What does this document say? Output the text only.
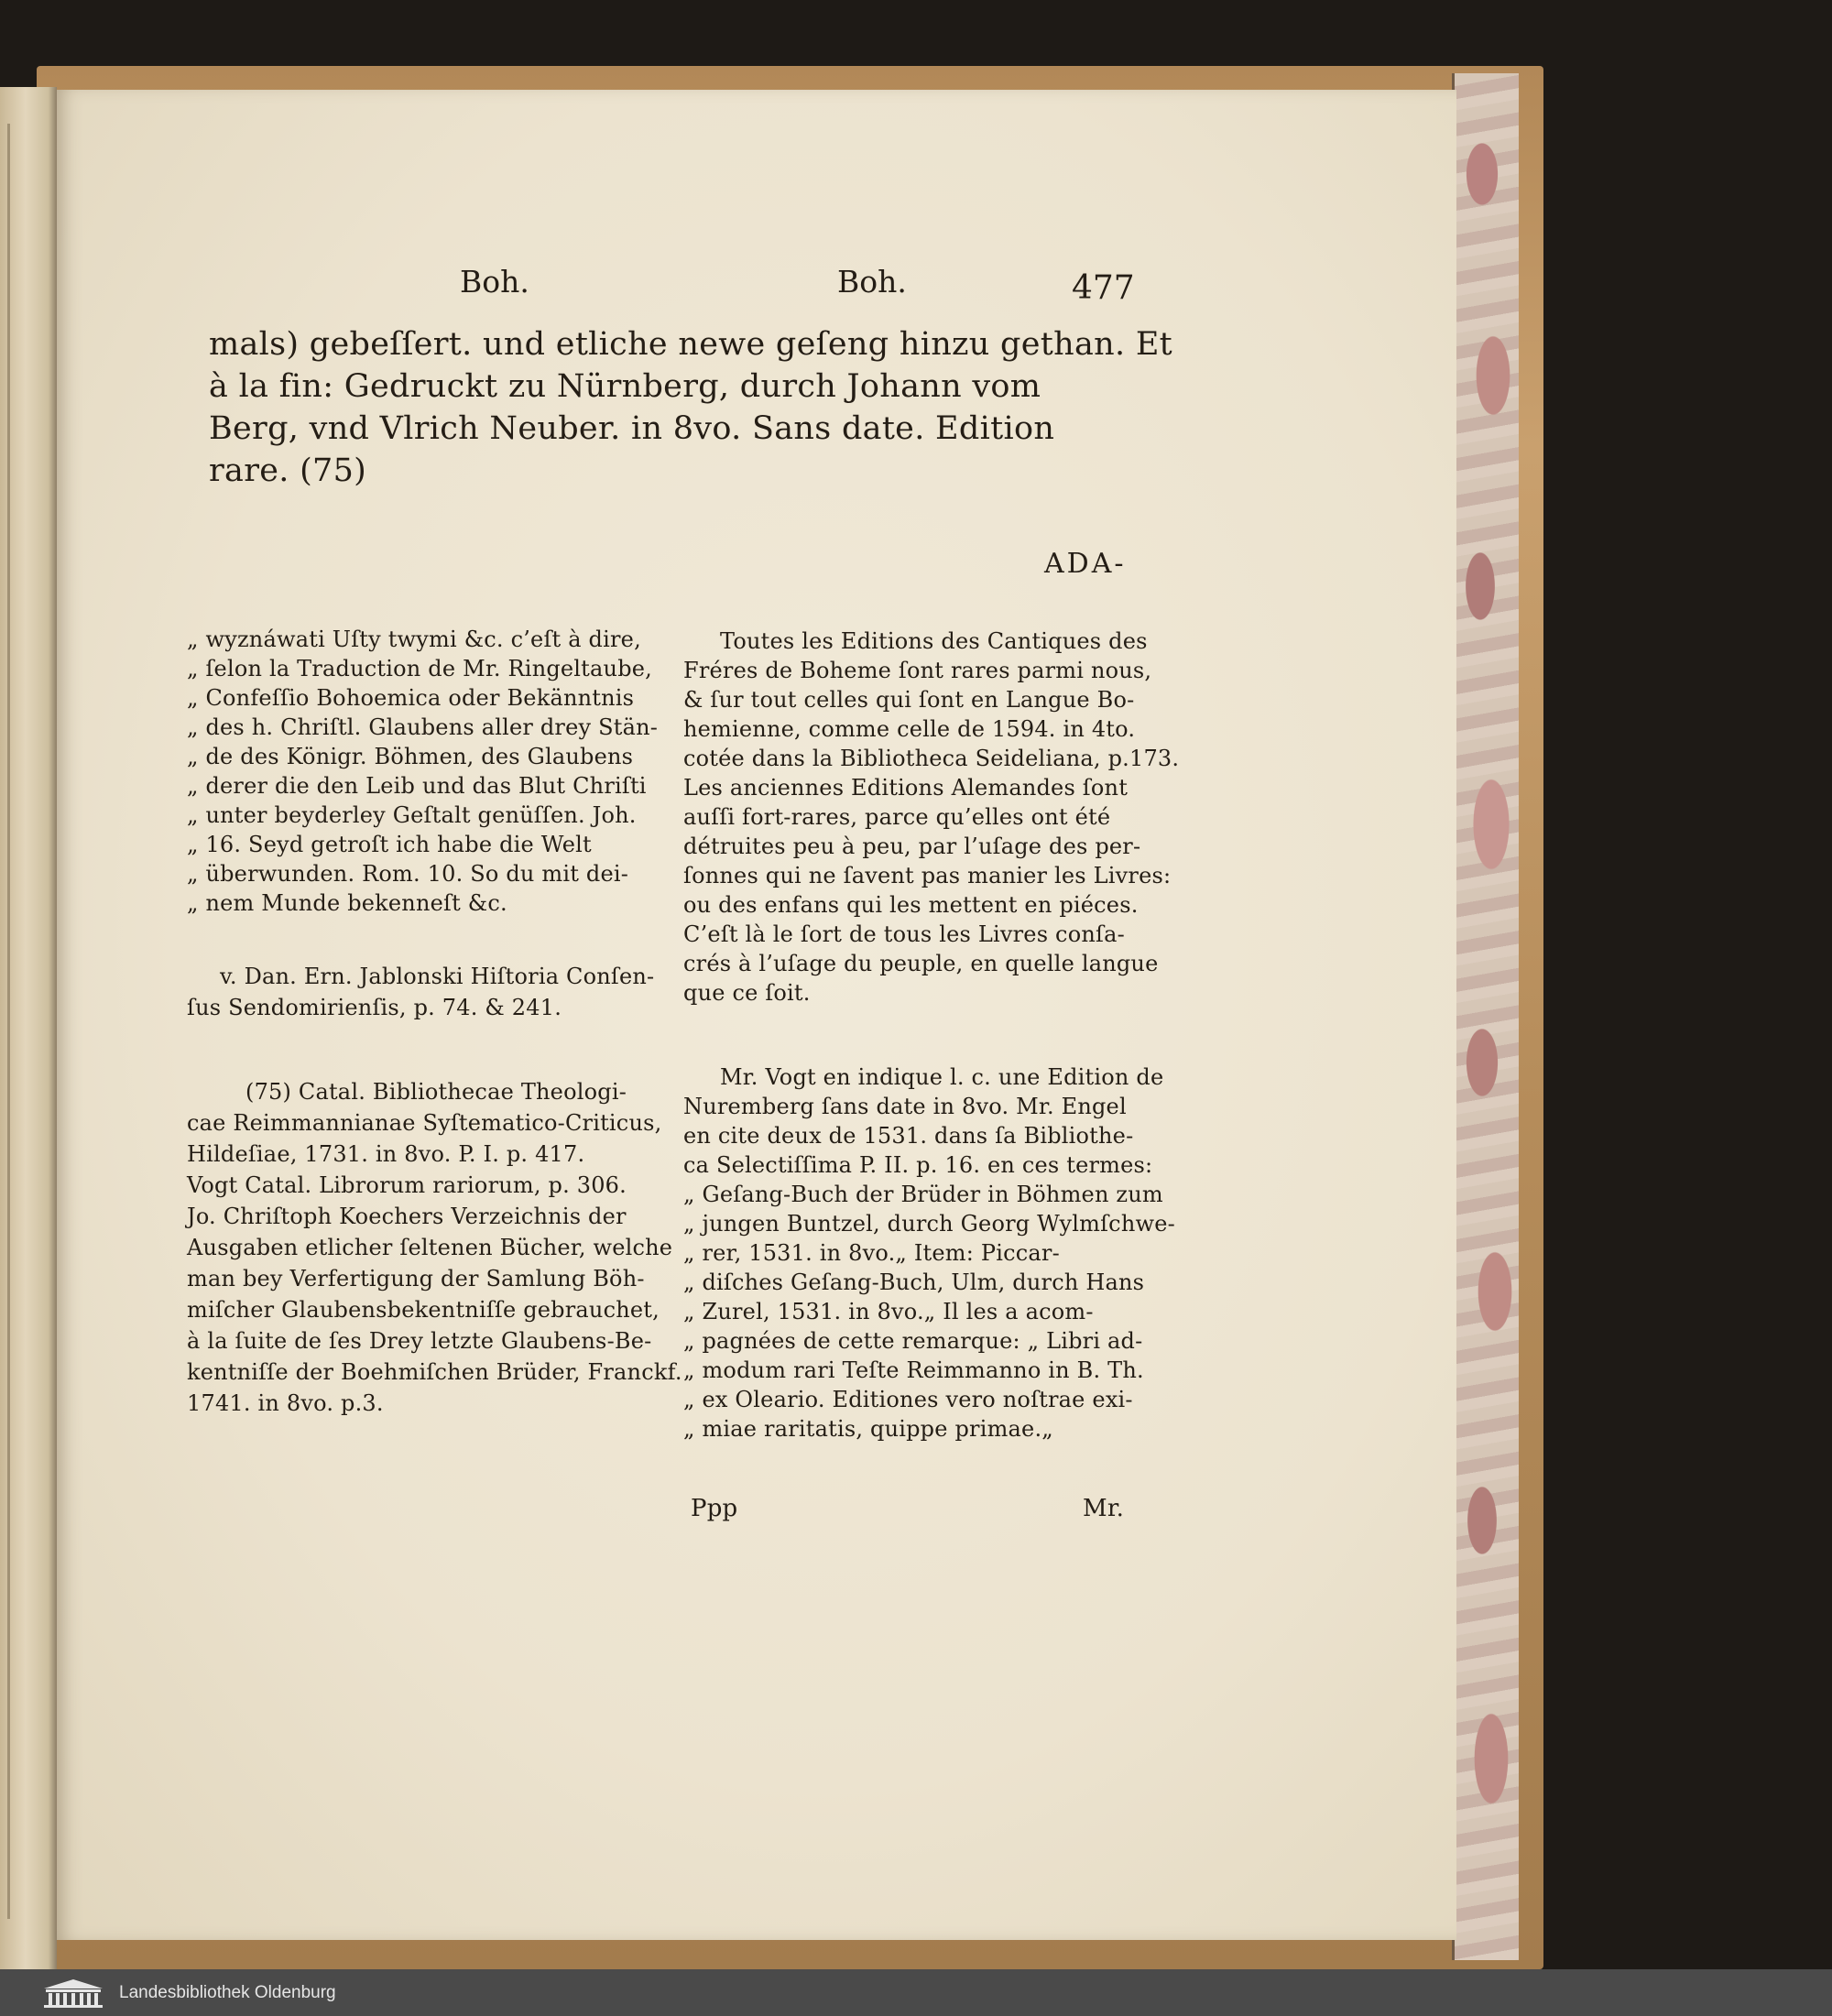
Boh.	Boh.	477

mals) gebeſſert. und etliche newe geſeng hinzu gethan. Et

à la fin: Gedruckt zu Nürnberg, durch Johann vom

Berg, vnd Vlrich Neuber. in 8vo. Sans date. Edition

rare. (75)

ADA-

„ wyznáwati Uſty twymi &c. c’eſt à dire,

„ ſelon la Traduction de Mr. Ringeltaube,

„ Confeſſio Bohoemica oder Bekänntnis

„ des h. Chriſtl. Glaubens aller drey Stän-

„ de des Königr. Böhmen, des Glaubens

„ derer die den Leib und das Blut Chriſti

„ unter beyderley Geſtalt genüſſen. Joh.

„ 16. Seyd getroſt ich habe die Welt

„ überwunden. Rom. 10. So du mit dei-

„ nem Munde bekenneſt &c.

v. Dan. Ern. Jablonski Hiſtoria Conſen-

ſus Sendomirienſis, p. 74. & 241.

(75) Catal. Bibliothecae Theologi-

cae Reimmannianae Syſtematico-Criticus,

Hildeſiae, 1731. in 8vo. P. I. p. 417.

Vogt Catal. Librorum rariorum, p. 306.

Jo. Chriſtoph Koechers Verzeichnis der

Ausgaben etlicher ſeltenen Bücher, welche

man bey Verfertigung der Samlung Böh-

miſcher Glaubensbekentniſſe gebrauchet,

à la ſuite de ſes Drey letzte Glaubens-Be-

kentniſſe der Boehmiſchen Brüder, Franckf.

1741. in 8vo. p.3.

Toutes les Editions des Cantiques des

Fréres de Boheme ſont rares parmi nous,

& ſur tout celles qui ſont en Langue Bo-

hemienne, comme celle de 1594. in 4to.

cotée dans la Bibliotheca Seideliana, p.173.

Les anciennes Editions Alemandes ſont

auſſi fort-rares, parce qu’elles ont été

détruites peu à peu, par l’uſage des per-

ſonnes qui ne ſavent pas manier les Livres:

ou des enfans qui les mettent en piéces.

C’eſt là le ſort de tous les Livres conſa-

crés à l’uſage du peuple, en quelle langue

que ce ſoit.

Mr. Vogt en indique l. c. une Edition de

Nuremberg ſans date in 8vo. Mr. Engel

en cite deux de 1531. dans ſa Bibliothe-

ca Selectiſſima P. II. p. 16. en ces termes:

„ Geſang-Buch der Brüder in Böhmen zum

„ jungen Buntzel, durch Georg Wylmſchwe-

„ rer, 1531. in 8vo.„ Item: Piccar-

„ diſches Geſang-Buch, Ulm, durch Hans

„ Zurel, 1531. in 8vo.„ Il les a acom-

„ pagnées de cette remarque: „ Libri ad-

„ modum rari Teſte Reimmanno in B. Th.

„ ex Oleario. Editiones vero noſtrae exi-

„ miae raritatis, quippe primae.„

Ppp	Mr.

Landesbibliothek Oldenburg
